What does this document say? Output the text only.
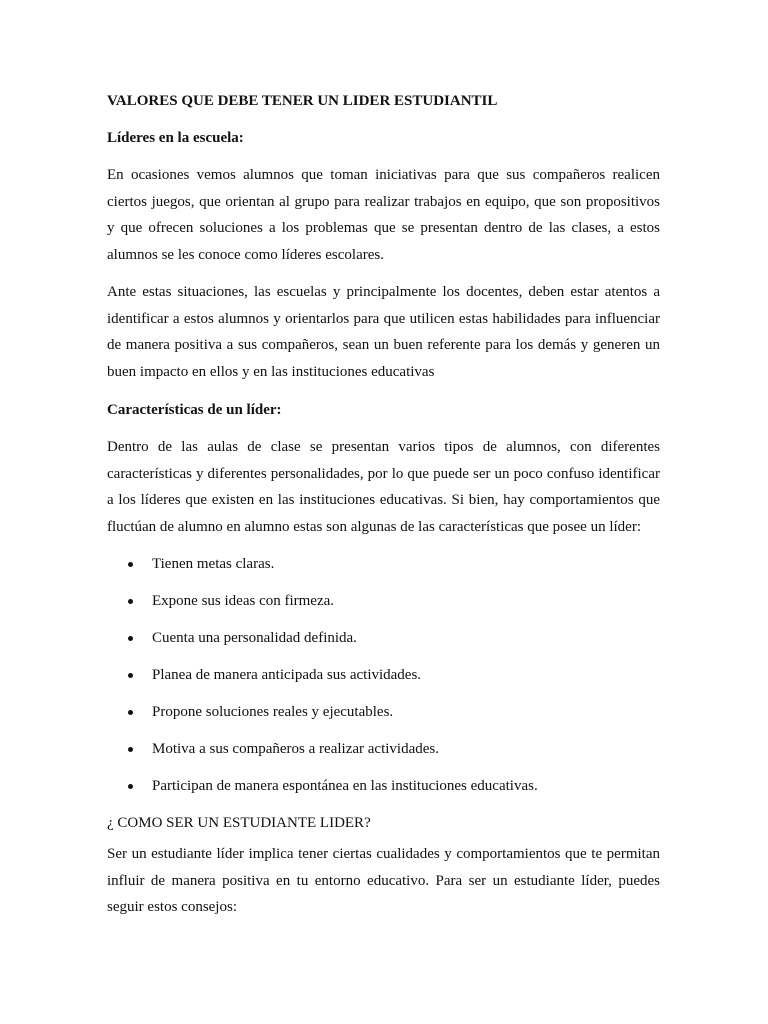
VALORES QUE DEBE TENER UN LIDER ESTUDIANTIL
Líderes en la escuela:

En ocasiones vemos alumnos que toman iniciativas para que sus compañeros realicen ciertos juegos, que orientan al grupo para realizar trabajos en equipo, que son propositivos y que ofrecen soluciones a los problemas que se presentan dentro de las clases, a estos alumnos se les conoce como líderes escolares.

Ante estas situaciones, las escuelas y principalmente los docentes, deben estar atentos a identificar a estos alumnos y orientarlos para que utilicen estas habilidades para influenciar de manera positiva a sus compañeros, sean un buen referente para los demás y generen un buen impacto en ellos y en las instituciones educativas

Características de un líder:

Dentro de las aulas de clase se presentan varios tipos de alumnos, con diferentes características y diferentes personalidades, por lo que puede ser un poco confuso identificar a los líderes que existen en las instituciones educativas. Si bien, hay comportamientos que fluctúan de alumno en alumno estas son algunas de las características que posee un líder:

Tienen metas claras.
Expone sus ideas con firmeza.
Cuenta una personalidad definida.
Planea de manera anticipada sus actividades.
Propone soluciones reales y ejecutables.
Motiva a sus compañeros a realizar actividades.
Participan de manera espontánea en las instituciones educativas.
¿ COMO SER UN ESTUDIANTE LIDER?

Ser un estudiante líder implica tener ciertas cualidades y comportamientos que te permitan influir de manera positiva en tu entorno educativo. Para ser un estudiante líder, puedes seguir estos consejos:
